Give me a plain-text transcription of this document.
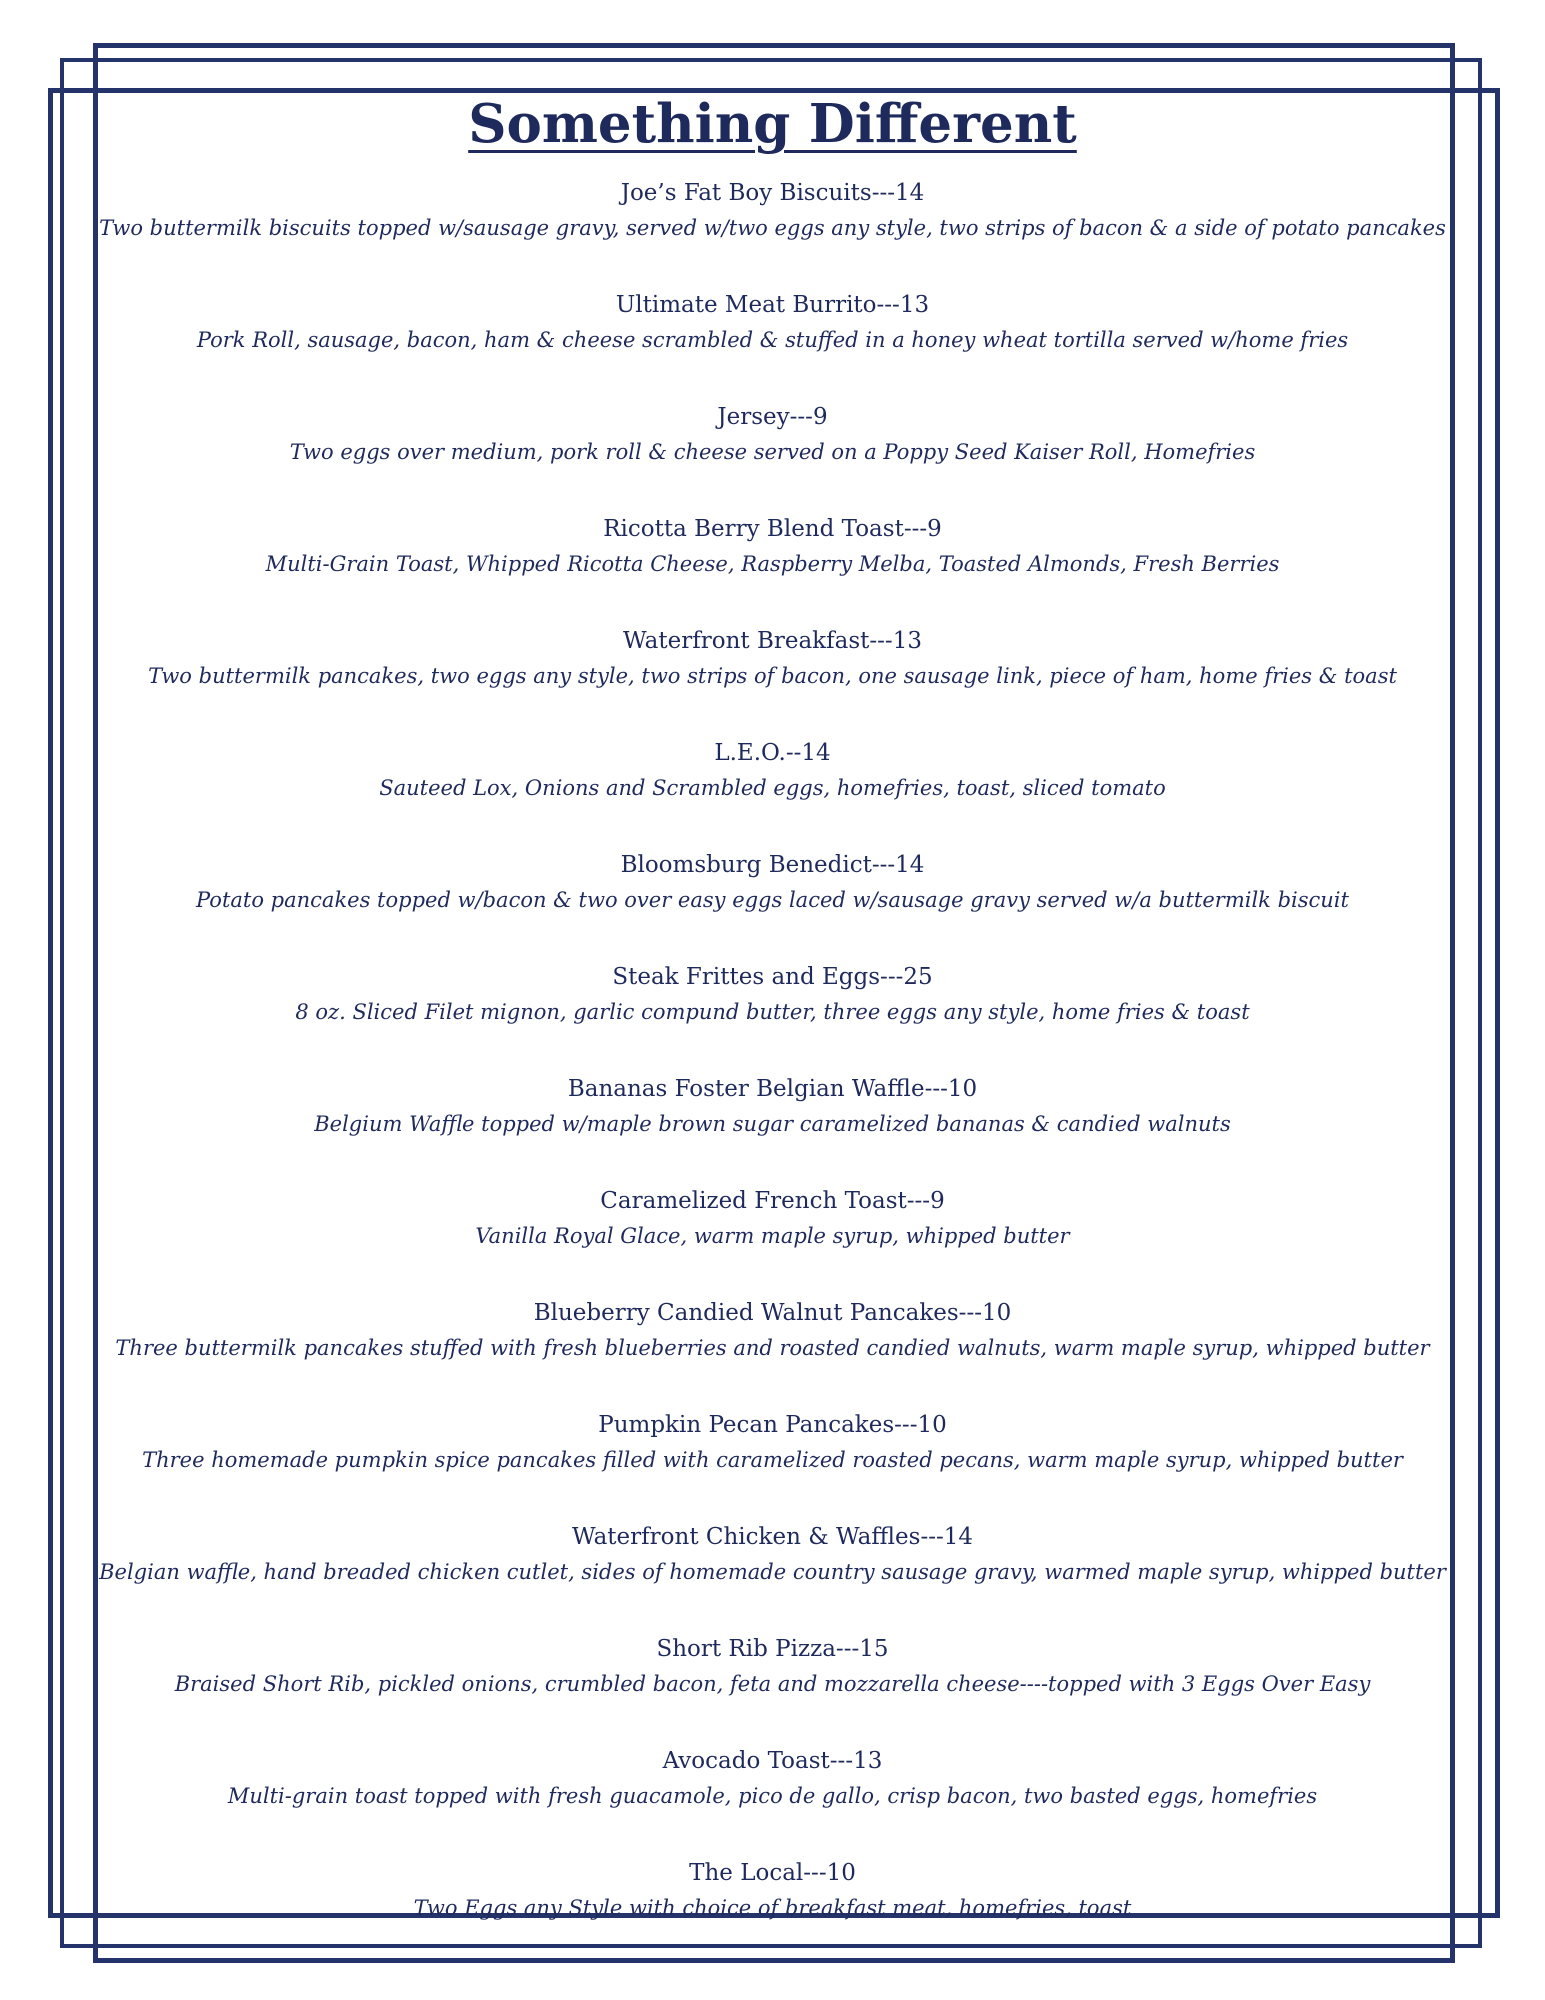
Something Different
Joe’s Fat Boy Biscuits---14
Two buttermilk biscuits topped w/sausage gravy, served w/two eggs any style, two strips of bacon & a side of potato pancakes
Ultimate Meat Burrito---13
Pork Roll, sausage, bacon, ham & cheese scrambled & stuffed in a honey wheat tortilla served w/home fries
Jersey---9
Two eggs over medium, pork roll & cheese served on a Poppy Seed Kaiser Roll, Homefries
Ricotta Berry Blend Toast---9
Multi-Grain Toast, Whipped Ricotta Cheese, Raspberry Melba, Toasted Almonds, Fresh Berries
Waterfront Breakfast---13
Two buttermilk pancakes, two eggs any style, two strips of bacon, one sausage link, piece of ham, home fries & toast
L.E.O.--14
Sauteed Lox, Onions and Scrambled eggs, homefries, toast, sliced tomato
Bloomsburg Benedict---14
Potato pancakes topped w/bacon & two over easy eggs laced w/sausage gravy served w/a buttermilk biscuit
Steak Frittes and Eggs---25
8 oz. Sliced Filet mignon, garlic compund butter, three eggs any style, home fries & toast
Bananas Foster Belgian Waffle---10
Belgium Waffle topped w/maple brown sugar caramelized bananas & candied walnuts
Caramelized French Toast---9
Vanilla Royal Glace, warm maple syrup, whipped butter
Blueberry Candied Walnut Pancakes---10
Three buttermilk pancakes stuffed with fresh blueberries and roasted candied walnuts, warm maple syrup, whipped butter
Pumpkin Pecan Pancakes---10
Three homemade pumpkin spice pancakes filled with caramelized roasted pecans, warm maple syrup, whipped butter
Waterfront Chicken & Waffles---14
Belgian waffle, hand breaded chicken cutlet, sides of homemade country sausage gravy, warmed maple syrup, whipped butter
Short Rib Pizza---15
Braised Short Rib, pickled onions, crumbled bacon, feta and mozzarella cheese----topped with 3 Eggs Over Easy
Avocado Toast---13
Multi-grain toast topped with fresh guacamole, pico de gallo, crisp bacon, two basted eggs, homefries
The Local---10
Two Eggs any Style with choice of breakfast meat, homefries, toast
